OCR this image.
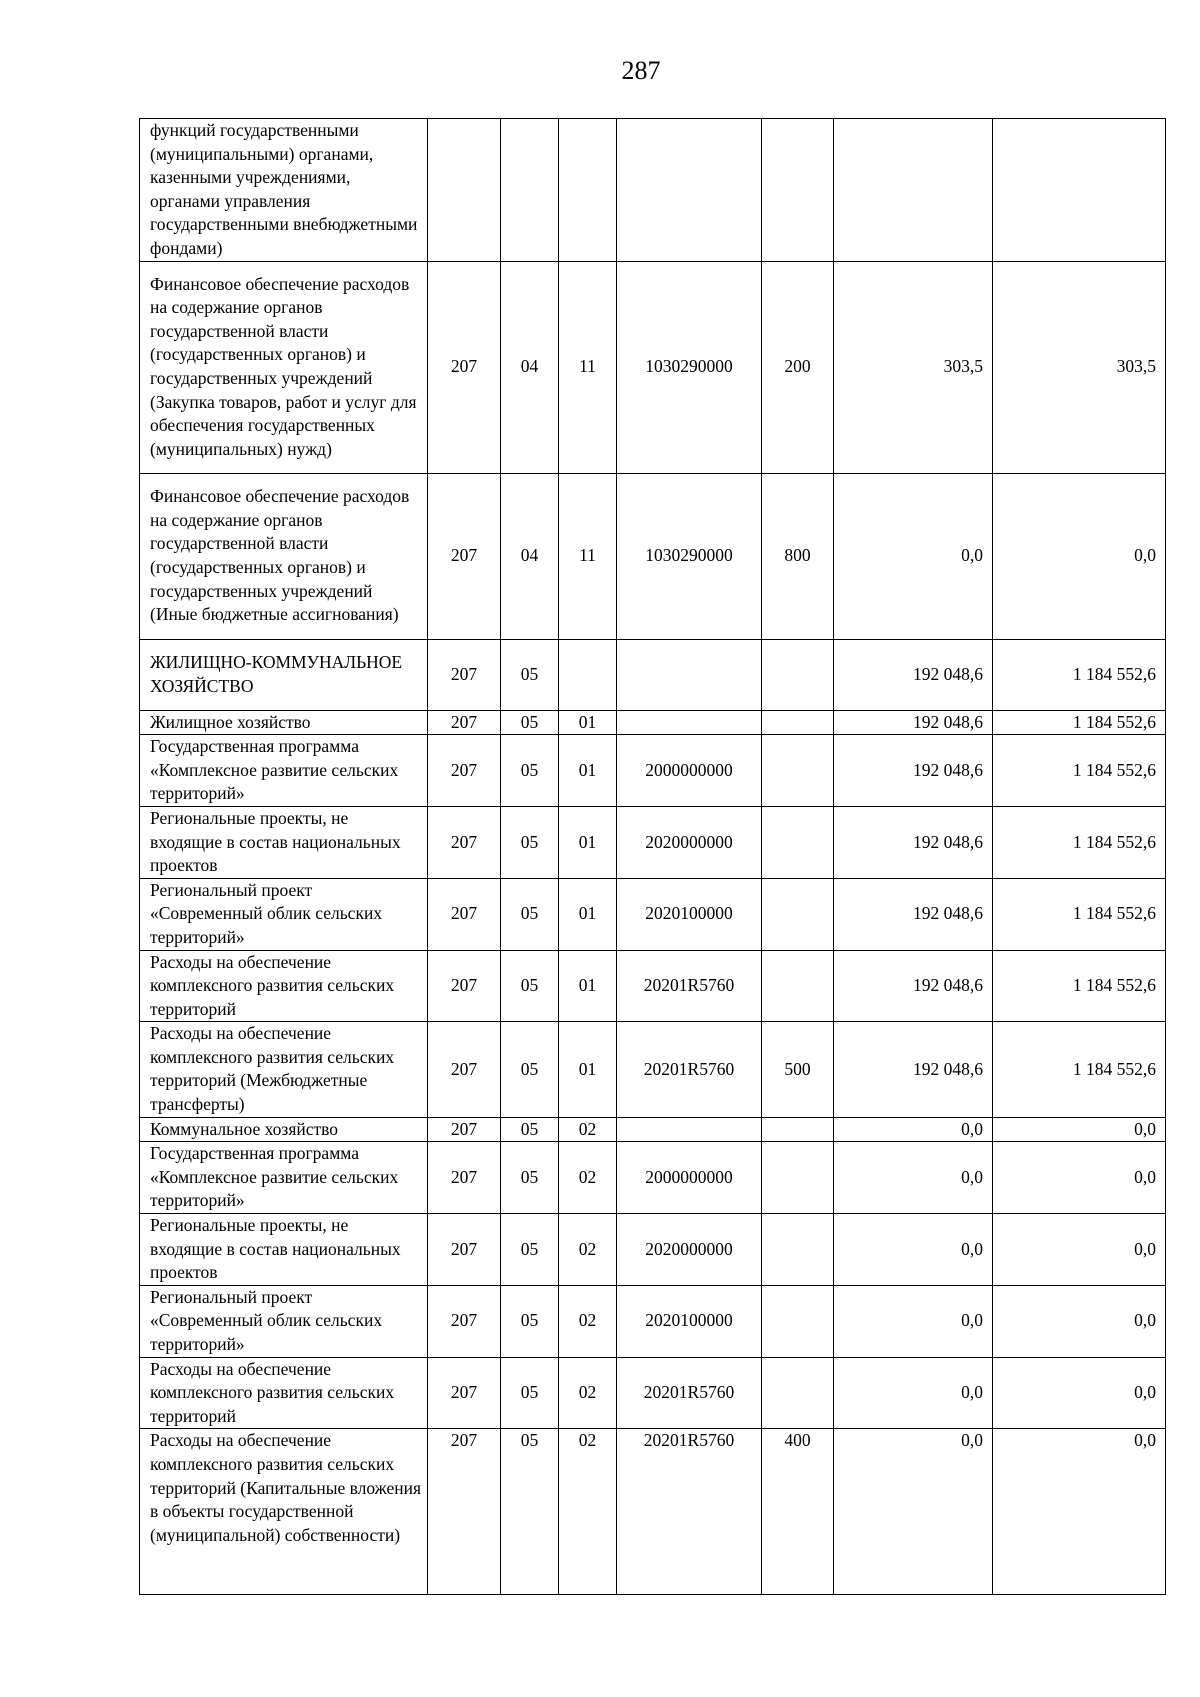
287
функций государственными (муниципальными) органами, казенными учреждениями, органами управления государственными внебюджетными фондами)							
Финансовое обеспечение расходов на содержание органов государственной власти (государственных органов) и государственных учреждений (Закупка товаров, работ и услуг для обеспечения государственных (муниципальных) нужд)	207	04	11	1030290000	200	303,5	303,5
Финансовое обеспечение расходов на содержание органов государственной власти (государственных органов) и государственных учреждений (Иные бюджетные ассигнования)	207	04	11	1030290000	800	0,0	0,0
ЖИЛИЩНО-КОММУНАЛЬНОЕ ХОЗЯЙСТВО	207	05				192 048,6	1 184 552,6
Жилищное хозяйство	207	05	01			192 048,6	1 184 552,6
Государственная программа «Комплексное развитие сельских территорий»	207	05	01	2000000000		192 048,6	1 184 552,6
Региональные проекты, не входящие в состав национальных проектов	207	05	01	2020000000		192 048,6	1 184 552,6
Региональный проект «Современный облик сельских территорий»	207	05	01	2020100000		192 048,6	1 184 552,6
Расходы на обеспечение комплексного развития сельских территорий	207	05	01	20201R5760		192 048,6	1 184 552,6
Расходы на обеспечение комплексного развития сельских территорий (Межбюджетные трансферты)	207	05	01	20201R5760	500	192 048,6	1 184 552,6
Коммунальное хозяйство	207	05	02			0,0	0,0
Государственная программа «Комплексное развитие сельских территорий»	207	05	02	2000000000		0,0	0,0
Региональные проекты, не входящие в состав национальных проектов	207	05	02	2020000000		0,0	0,0
Региональный проект «Современный облик сельских территорий»	207	05	02	2020100000		0,0	0,0
Расходы на обеспечение комплексного развития сельских территорий	207	05	02	20201R5760		0,0	0,0
Расходы на обеспечение комплексного развития сельских территорий (Капитальные вложения в объекты государственной (муниципальной) собственности)	207	05	02	20201R5760	400	0,0	0,0
